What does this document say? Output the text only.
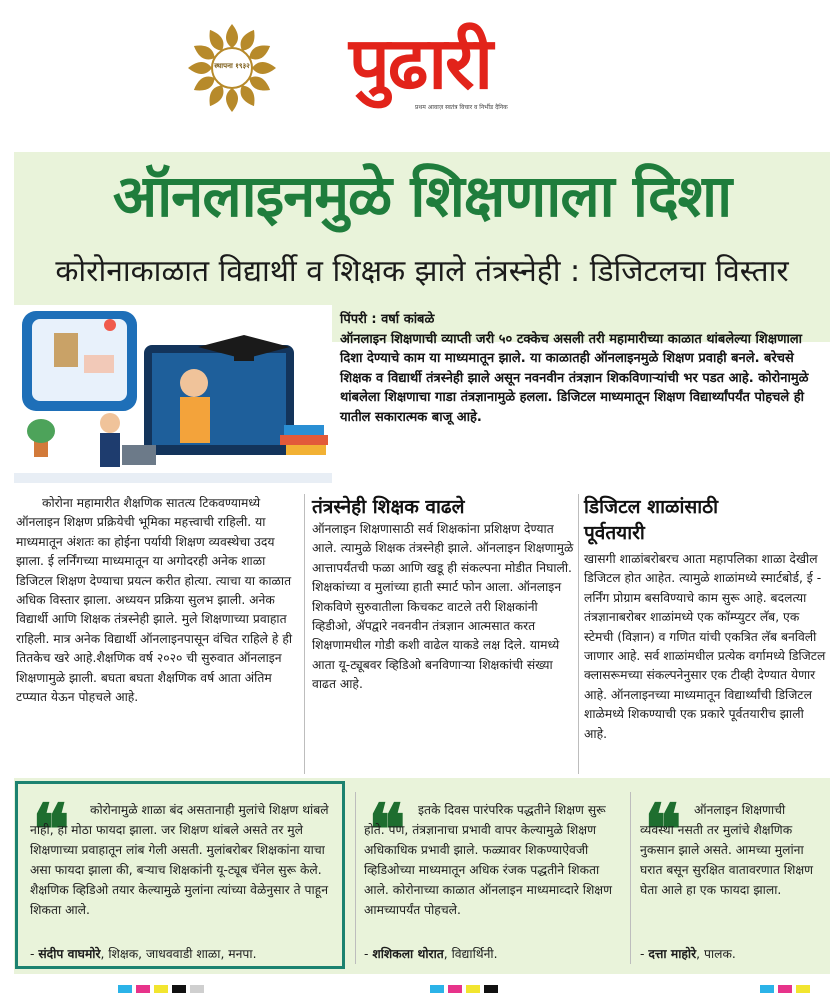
स्थापना १९३२	पुढारी
प्रथम आवाज़ स्वतंत्र विचार व निर्भीड दैनिक
ऑनलाइनमुळे शिक्षणाला दिशा
कोरोनाकाळात विद्यार्थी व शिक्षक झाले तंत्रस्नेही : डिजिटलचा विस्तार
पिंपरी : वर्षा कांबळे
ऑनलाइन शिक्षणाची व्याप्ती जरी ५० टक्केच असली तरी महामारीच्या काळात थांबलेल्या शिक्षणाला दिशा देण्याचे काम या माध्यमातून झाले. या काळातही ऑनलाइनमुळे शिक्षण प्रवाही बनले. बरेचसे शिक्षक व विद्यार्थी तंत्रस्नेही झाले असून नवनवीन तंत्रज्ञान शिकविणाऱ्यांची भर पडत आहे. कोरोनामुळे थांबलेला शिक्षणाचा गाडा तंत्रज्ञानामुळे हलला. डिजिटल माध्यमातून शिक्षण विद्यार्थ्यांपर्यंत पोहचले ही यातील सकारात्मक बाजू आहे.
कोरोना महामारीत शैक्षणिक सातत्य टिकवण्यामध्ये ऑनलाइन शिक्षण प्रक्रियेची भूमिका महत्त्वाची राहिली. या माध्यमातून अंशतः का होईना पर्यायी शिक्षण व्यवस्थेचा उदय झाला. ई लर्निंगच्या माध्यमातून या अगोदरही अनेक शाळा डिजिटल शिक्षण देण्याचा प्रयत्न करीत होत्या. त्याचा या काळात अधिक विस्तार झाला. अध्ययन प्रक्रिया सुलभ झाली. अनेक विद्यार्थी आणि शिक्षक तंत्रस्नेही झाले. मुले शिक्षणाच्या प्रवाहात राहिली. मात्र अनेक विद्यार्थी ऑनलाइनपासून वंचित राहिले हे ही तितकेच खरे आहे.शैक्षणिक वर्ष २०२० ची सुरुवात ऑनलाइन शिक्षणामुळे झाली. बघता बघता शैक्षणिक वर्ष आता अंतिम टप्प्यात येऊन पोहचले आहे.
तंत्रस्नेही शिक्षक वाढले
ऑनलाइन शिक्षणासाठी सर्व शिक्षकांना प्रशिक्षण देण्यात आले. त्यामुळे शिक्षक तंत्रस्नेही झाले. ऑनलाइन शिक्षणामुळे आत्तापर्यंतची फळा आणि खडू ही संकल्पना मोडीत निघाली. शिक्षकांच्या व मुलांच्या हाती स्मार्ट फोन आला. ऑनलाइन शिकविणे सुरुवातीला किचकट वाटले तरी शिक्षकांनी व्हिडीओ, ॲपद्वारे नवनवीन तंत्रज्ञान आत्मसात करत शिक्षणामधील गोडी कशी वाढेल याकडे लक्ष दिले. यामध्ये आता यू-ट्यूबवर व्हिडिओ बनविणाऱ्या शिक्षकांची संख्या वाढत आहे.
डिजिटल शाळांसाठी
पूर्वतयारी
खासगी शाळांबरोबरच आता महापलिका शाळा देखील डिजिटल होत आहेत. त्यामुळे शाळांमध्ये स्मार्टबोर्ड, ई - लर्निंग प्रोग्राम बसविण्याचे काम सुरू आहे. बदलत्या तंत्रज्ञानाबरोबर शाळांमध्ये एक कॉम्प्युटर लॅब, एक स्टेमची (विज्ञान) व गणित यांची एकत्रित लॅब बनविली जाणार आहे. सर्व शाळांमधील प्रत्येक वर्गामध्ये डिजिटल क्लासरूमच्या संकल्पनेनुसार एक टीव्ही देण्यात येणार आहे. ऑनलाइनच्या माध्यमातून विद्यार्थ्यांची डिजिटल शाळेमध्ये शिकण्याची एक प्रकारे पूर्वतयारीच झाली आहे.
❝	कोरोनामुळे शाळा बंद असतानाही मुलांचे शिक्षण थांबले नाही, हा मोठा फायदा झाला. जर शिक्षण थांबले असते तर मुले शिक्षणाच्या प्रवाहातून लांब गेली असती. मुलांबरोबर शिक्षकांना याचा असा फायदा झाला की, बऱ्याच शिक्षकांनी यू-ट्यूब चॅनेल सुरू केले. शैक्षणिक व्हिडिओ तयार केल्यामुळे मुलांना त्यांच्या वेळेनुसार ते पाहून शिकता आले.
- संदीप वाघमोरे, शिक्षक, जाधववाडी शाळा, मनपा.
❝	इतके दिवस पारंपरिक पद्धतीने शिक्षण सुरू होते. पण, तंत्रज्ञानाचा प्रभावी वापर केल्यामुळे शिक्षण अधिकाधिक प्रभावी झाले. फळ्यावर शिकण्याऐवजी व्हिडिओच्या माध्यमातून अधिक रंजक पद्धतीने शिकता आले. कोरोनाच्या काळात ऑनलाइन माध्यमाव्दारे शिक्षण आमच्यापर्यंत पोहचले.
- शशिकला थोरात, विद्यार्थिनी.
❝	ऑनलाइन शिक्षणाची व्यवस्था नसती तर मुलांचे शैक्षणिक नुकसान झाले असते. आमच्या मुलांना घरात बसून सुरक्षित वातावरणात शिक्षण घेता आले हा एक फायदा झाला.
- दत्ता माहोरे, पालक.
